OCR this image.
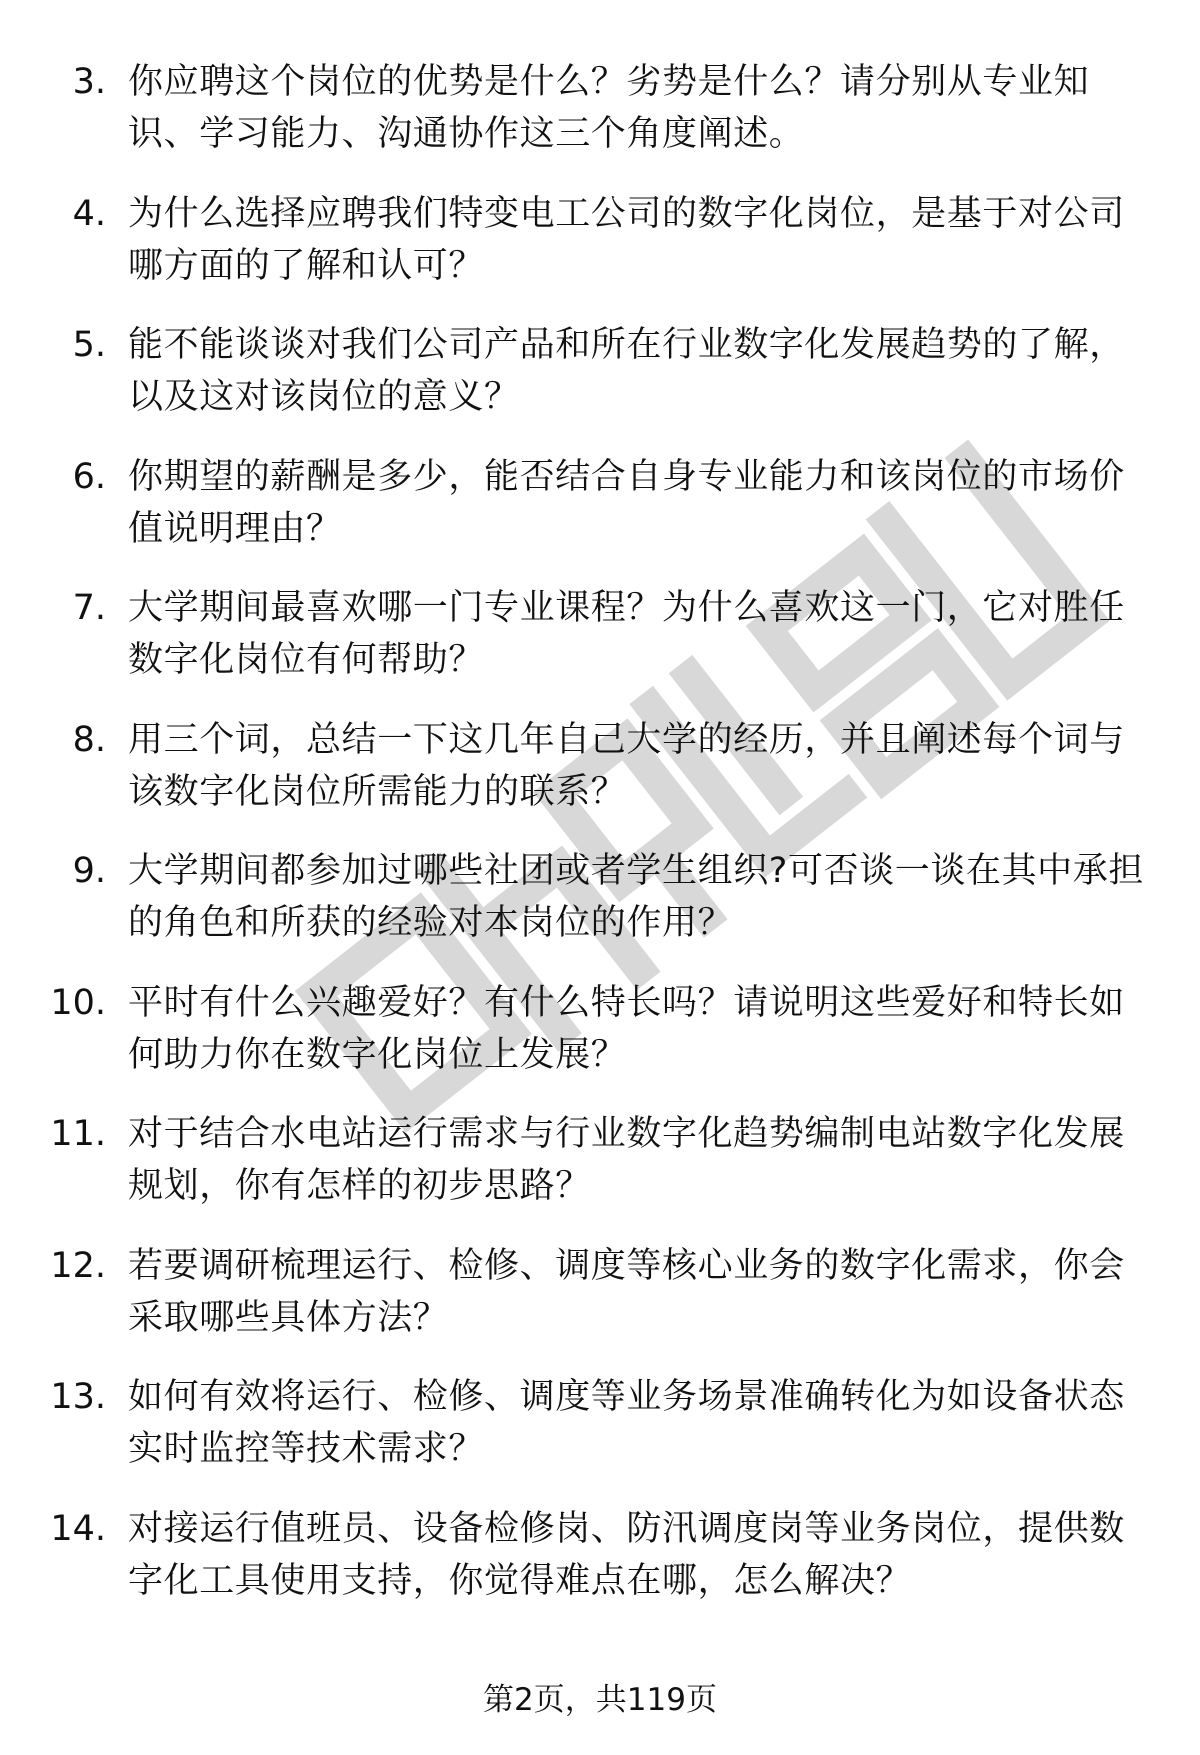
3. 你应聘这个岗位的优势是什么？劣势是什么？请分别从专业知识、学习能力、沟通协作这三个角度阐述。
4. 为什么选择应聘我们特变电工公司的数字化岗位，是基于对公司哪方面的了解和认可？
5. 能不能谈谈对我们公司产品和所在行业数字化发展趋势的了解，以及这对该岗位的意义？
6. 你期望的薪酬是多少，能否结合自身专业能力和该岗位的市场价值说明理由？
7. 大学期间最喜欢哪一门专业课程？为什么喜欢这一门，它对胜任数字化岗位有何帮助？
8. 用三个词，总结一下这几年自己大学的经历，并且阐述每个词与该数字化岗位所需能力的联系？
9. 大学期间都参加过哪些社团或者学生组织?可否谈一谈在其中承担的角色和所获的经验对本岗位的作用？
10. 平时有什么兴趣爱好？有什么特长吗？请说明这些爱好和特长如何助力你在数字化岗位上发展？
11. 对于结合水电站运行需求与行业数字化趋势编制电站数字化发展规划，你有怎样的初步思路？
12. 若要调研梳理运行、检修、调度等核心业务的数字化需求，你会采取哪些具体方法？
13. 如何有效将运行、检修、调度等业务场景准确转化为如设备状态实时监控等技术需求？
14. 对接运行值班员、设备检修岗、防汛调度岗等业务岗位，提供数字化工具使用支持，你觉得难点在哪，怎么解决？
第2页，共119页
